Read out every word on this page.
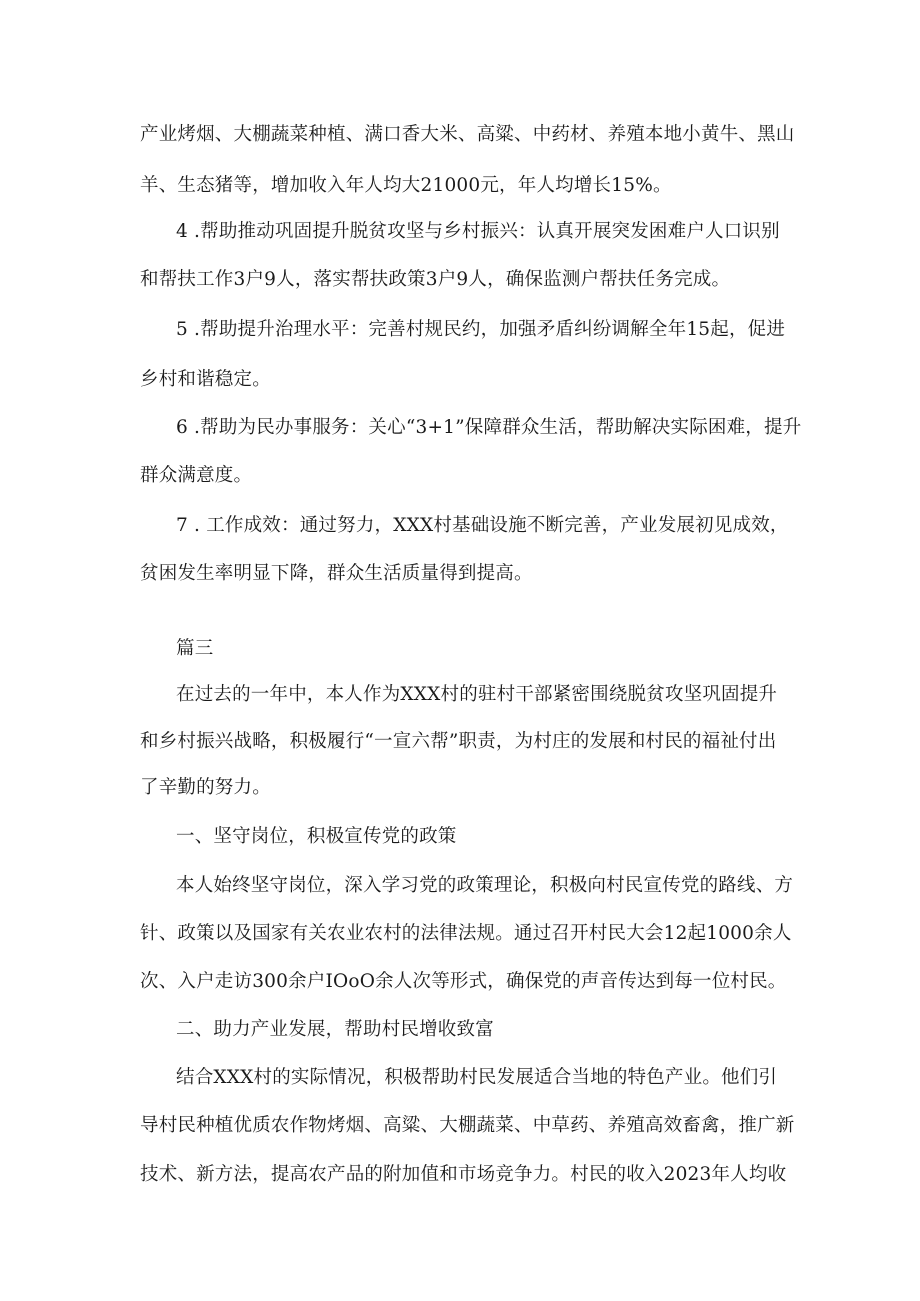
产业烤烟、大棚蔬菜种植、满口香大米、高粱、中药材、养殖本地小黄牛、黑山
羊、生态猪等，增加收入年人均大21000元，年人均增长15%。
4 .帮助推动巩固提升脱贫攻坚与乡村振兴：认真开展突发困难户人口识别
和帮扶工作3户9人，落实帮扶政策3户9人，确保监测户帮扶任务完成。
5 .帮助提升治理水平：完善村规民约，加强矛盾纠纷调解全年15起，促进
乡村和谐稳定。
6 .帮助为民办事服务：关心“3+1”保障群众生活，帮助解决实际困难，提升
群众满意度。
7 . 工作成效：通过努力，XXX村基础设施不断完善，产业发展初见成效，
贫困发生率明显下降，群众生活质量得到提高。
篇三
在过去的一年中，本人作为XXX村的驻村干部紧密围绕脱贫攻坚巩固提升
和乡村振兴战略，积极履行“一宣六帮”职责，为村庄的发展和村民的福祉付出
了辛勤的努力。
一、坚守岗位，积极宣传党的政策
本人始终坚守岗位，深入学习党的政策理论，积极向村民宣传党的路线、方
针、政策以及国家有关农业农村的法律法规。通过召开村民大会12起1000余人
次、入户走访300余户IOoO余人次等形式，确保党的声音传达到每一位村民。
二、助力产业发展，帮助村民增收致富
结合XXX村的实际情况，积极帮助村民发展适合当地的特色产业。他们引
导村民种植优质农作物烤烟、高粱、大棚蔬菜、中草药、养殖高效畜禽，推广新
技术、新方法，提高农产品的附加值和市场竞争力。村民的收入2023年人均收
